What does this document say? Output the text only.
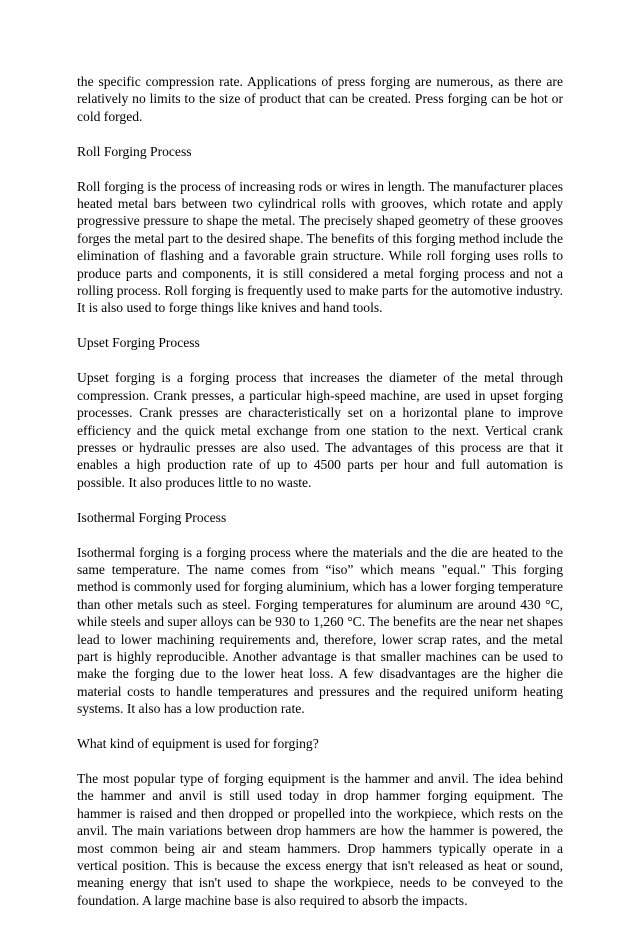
the specific compression rate. Applications of press forging are numerous, as there are relatively no limits to the size of product that can be created. Press forging can be hot or cold forged.

Roll Forging Process

Roll forging is the process of increasing rods or wires in length. The manufacturer places heated metal bars between two cylindrical rolls with grooves, which rotate and apply progressive pressure to shape the metal. The precisely shaped geometry of these grooves forges the metal part to the desired shape. The benefits of this forging method include the elimination of flashing and a favorable grain structure. While roll forging uses rolls to produce parts and components, it is still considered a metal forging process and not a rolling process. Roll forging is frequently used to make parts for the automotive industry. It is also used to forge things like knives and hand tools.

Upset Forging Process

Upset forging is a forging process that increases the diameter of the metal through compression. Crank presses, a particular high-speed machine, are used in upset forging processes. Crank presses are characteristically set on a horizontal plane to improve efficiency and the quick metal exchange from one station to the next. Vertical crank presses or hydraulic presses are also used. The advantages of this process are that it enables a high production rate of up to 4500 parts per hour and full automation is possible. It also produces little to no waste.

Isothermal Forging Process

Isothermal forging is a forging process where the materials and the die are heated to the same temperature. The name comes from “iso” which means "equal." This forging method is commonly used for forging aluminium, which has a lower forging temperature than other metals such as steel. Forging temperatures for aluminum are around 430 °C, while steels and super alloys can be 930 to 1,260 °C. The benefits are the near net shapes lead to lower machining requirements and, therefore, lower scrap rates, and the metal part is highly reproducible. Another advantage is that smaller machines can be used to make the forging due to the lower heat loss. A few disadvantages are the higher die material costs to handle temperatures and pressures and the required uniform heating systems. It also has a low production rate.

What kind of equipment is used for forging?

The most popular type of forging equipment is the hammer and anvil. The idea behind the hammer and anvil is still used today in drop hammer forging equipment. The hammer is raised and then dropped or propelled into the workpiece, which rests on the anvil. The main variations between drop hammers are how the hammer is powered, the most common being air and steam hammers. Drop hammers typically operate in a vertical position. This is because the excess energy that isn't released as heat or sound, meaning energy that isn't used to shape the workpiece, needs to be conveyed to the foundation. A large machine base is also required to absorb the impacts.
